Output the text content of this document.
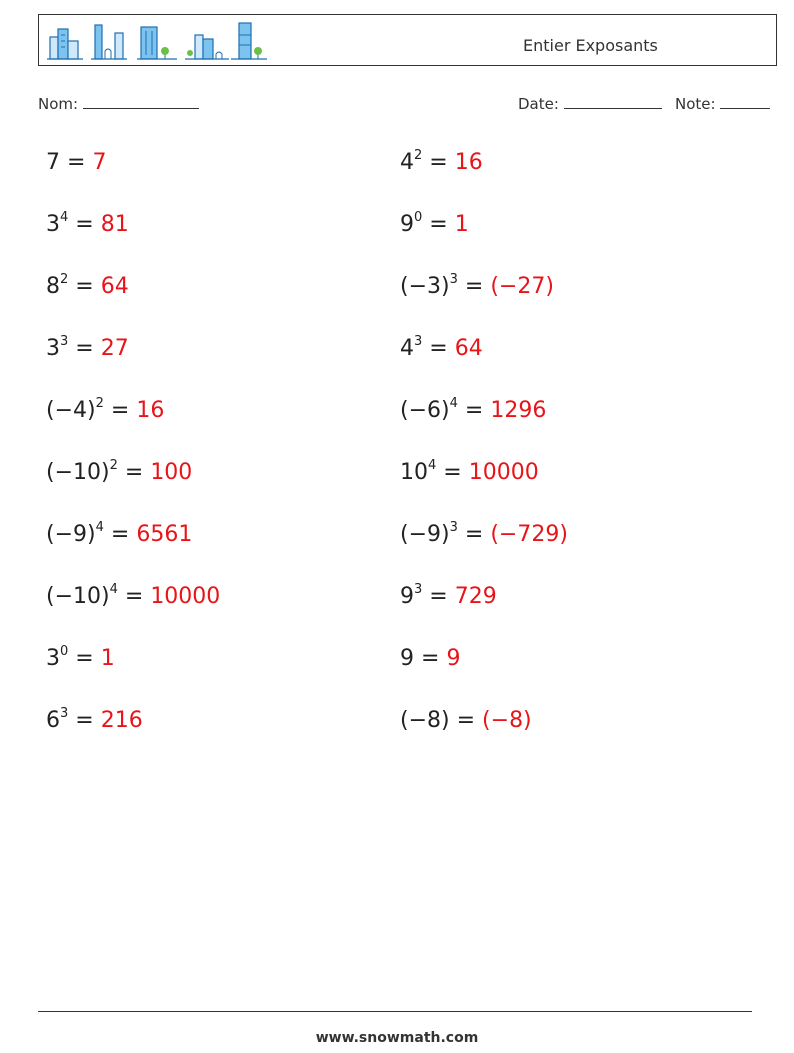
Entier Exposants
Nom:	Date:	Note:
7 = 7	$4^2 = 16$
$3^4 = 81$	$9^0 = 1$
$8^2 = 64$	$(-3)^3 = (-27)$
$3^3 = 27$	$4^3 = 64$
$(-4)^2 = 16$	$(-6)^4 = 1296$
$(-10)^2 = 100$	$10^4 = 10000$
$(-9)^4 = 6561$	$(-9)^3 = (-729)$
$(-10)^4 = 10000$	$9^3 = 729$
$3^0 = 1$	9 = 9
$6^3 = 216$	(−8) = (−8)
www.snowmath.com
